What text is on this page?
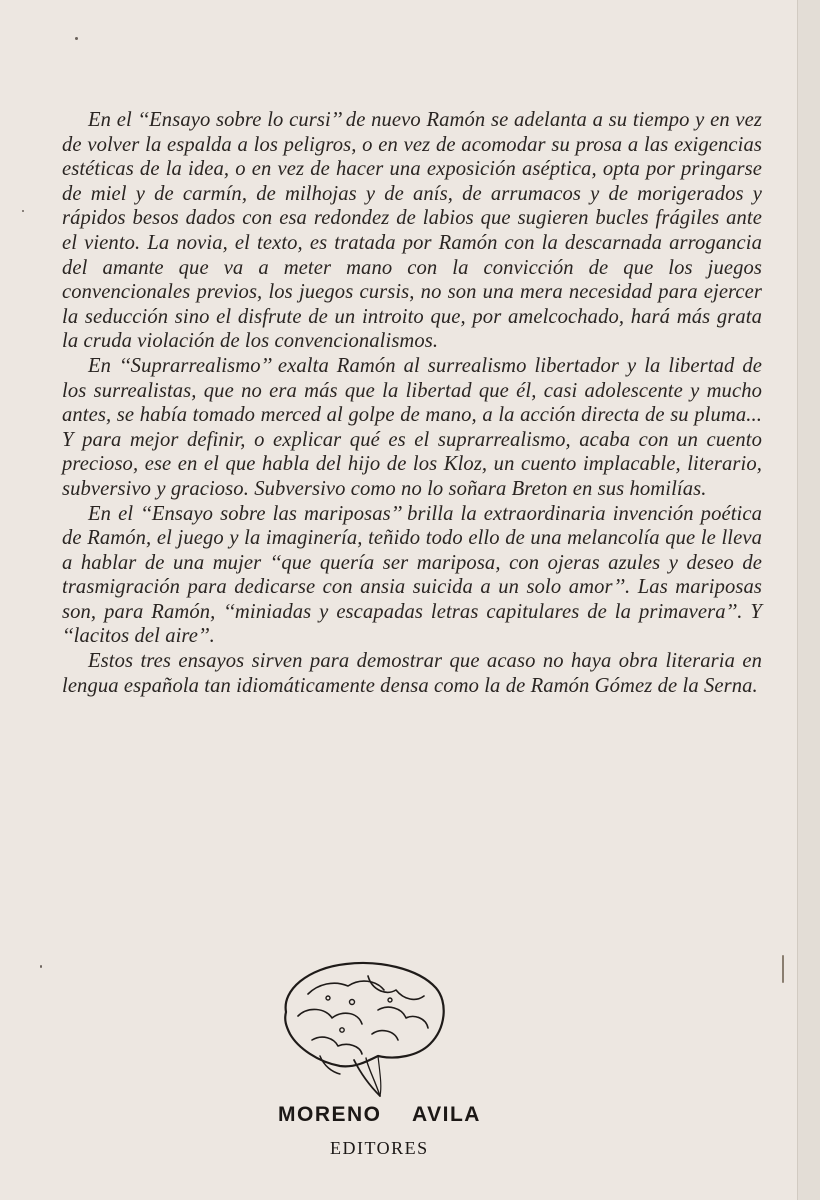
En el ‘‘Ensayo sobre lo cursi’’ de nuevo Ramón se adelanta a su tiempo y en vez de volver la espalda a los peligros, o en vez de acomodar su prosa a las exigencias estéticas de la idea, o en vez de hacer una exposición aséptica, opta por pringarse de miel y de carmín, de milhojas y de anís, de arrumacos y de morigerados y rápidos besos dados con esa redondez de labios que sugieren bucles frágiles ante el viento. La novia, el texto, es tratada por Ramón con la descarnada arrogancia del amante que va a meter mano con la convicción de que los juegos convencionales previos, los juegos cursis, no son una mera necesidad para ejercer la seducción sino el disfrute de un introito que, por amelcochado, hará más grata la cruda violación de los convencionalismos.

En ‘‘Suprarrealismo’’ exalta Ramón al surrealismo libertador y la libertad de los surrealistas, que no era más que la libertad que él, casi adolescente y mucho antes, se había tomado merced al golpe de mano, a la acción directa de su pluma... Y para mejor definir, o explicar qué es el suprarrealismo, acaba con un cuento precioso, ese en el que habla del hijo de los Kloz, un cuento implacable, literario, subversivo y gracioso. Subversivo como no lo soñara Breton en sus homilías.

En el ‘‘Ensayo sobre las mariposas’’ brilla la extraordinaria invención poética de Ramón, el juego y la imaginería, teñido todo ello de una melancolía que le lleva a hablar de una mujer ‘‘que quería ser mariposa, con ojeras azules y deseo de trasmigración para dedicarse con ansia suicida a un solo amor’’. Las mariposas son, para Ramón, ‘‘miniadas y escapadas letras capitulares de la primavera’’. Y ‘‘lacitos del aire’’.

Estos tres ensayos sirven para demostrar que acaso no haya obra literaria en lengua española tan idiomáticamente densa como la de Ramón Gómez de la Serna.

MORENO AVILA
EDITORES
